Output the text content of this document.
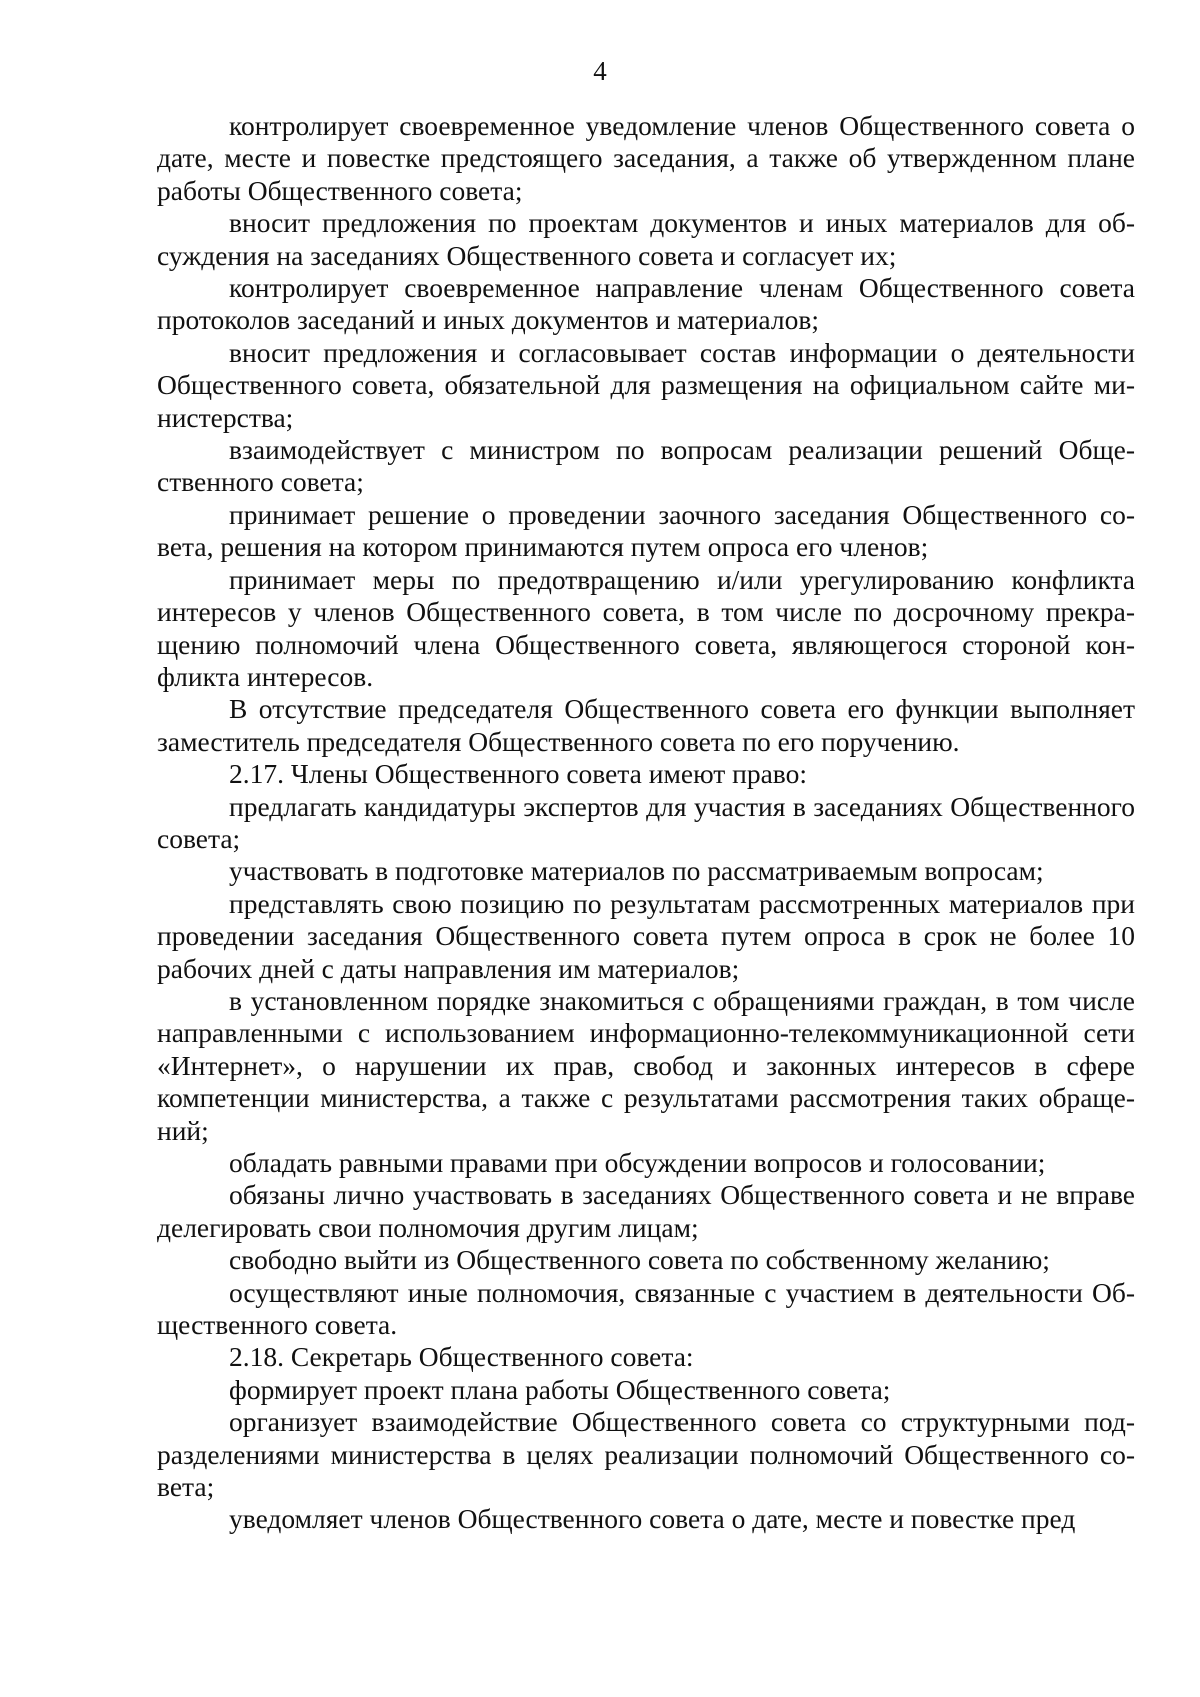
4

контролирует своевременное уведомление членов Общественного совета о дате, месте и повестке предстоящего заседания, а также об утвержденном плане работы Общественного совета;

вносит предложения по проектам документов и иных материалов для обсуждения на заседаниях Общественного совета и согласует их;

контролирует своевременное направление членам Общественного совета протоколов заседаний и иных документов и материалов;

вносит предложения и согласовывает состав информации о деятельности Общественного совета, обязательной для размещения на официальном сайте министерства;

взаимодействует с министром по вопросам реализации решений Общественного совета;

принимает решение о проведении заочного заседания Общественного совета, решения на котором принимаются путем опроса его членов;

принимает меры по предотвращению и/или урегулированию конфликта интересов у членов Общественного совета, в том числе по досрочному прекращению полномочий члена Общественного совета, являющегося стороной конфликта интересов.

В отсутствие председателя Общественного совета его функции выполняет заместитель председателя Общественного совета по его поручению.

2.17. Члены Общественного совета имеют право:

предлагать кандидатуры экспертов для участия в заседаниях Общественного совета;

участвовать в подготовке материалов по рассматриваемым вопросам;

представлять свою позицию по результатам рассмотренных материалов при проведении заседания Общественного совета путем опроса в срок не более 10 рабочих дней с даты направления им материалов;

в установленном порядке знакомиться с обращениями граждан, в том числе направленными с использованием информационно-телекоммуникационной сети «Интернет», о нарушении их прав, свобод и законных интересов в сфере компетенции министерства, а также с результатами рассмотрения таких обращений;

обладать равными правами при обсуждении вопросов и голосовании;

обязаны лично участвовать в заседаниях Общественного совета и не вправе делегировать свои полномочия другим лицам;

свободно выйти из Общественного совета по собственному желанию;

осуществляют иные полномочия, связанные с участием в деятельности Общественного совета.

2.18. Секретарь Общественного совета:

формирует проект плана работы Общественного совета;

организует взаимодействие Общественного совета со структурными подразделениями министерства в целях реализации полномочий Общественного совета;

уведомляет членов Общественного совета о дате, месте и повестке пред
